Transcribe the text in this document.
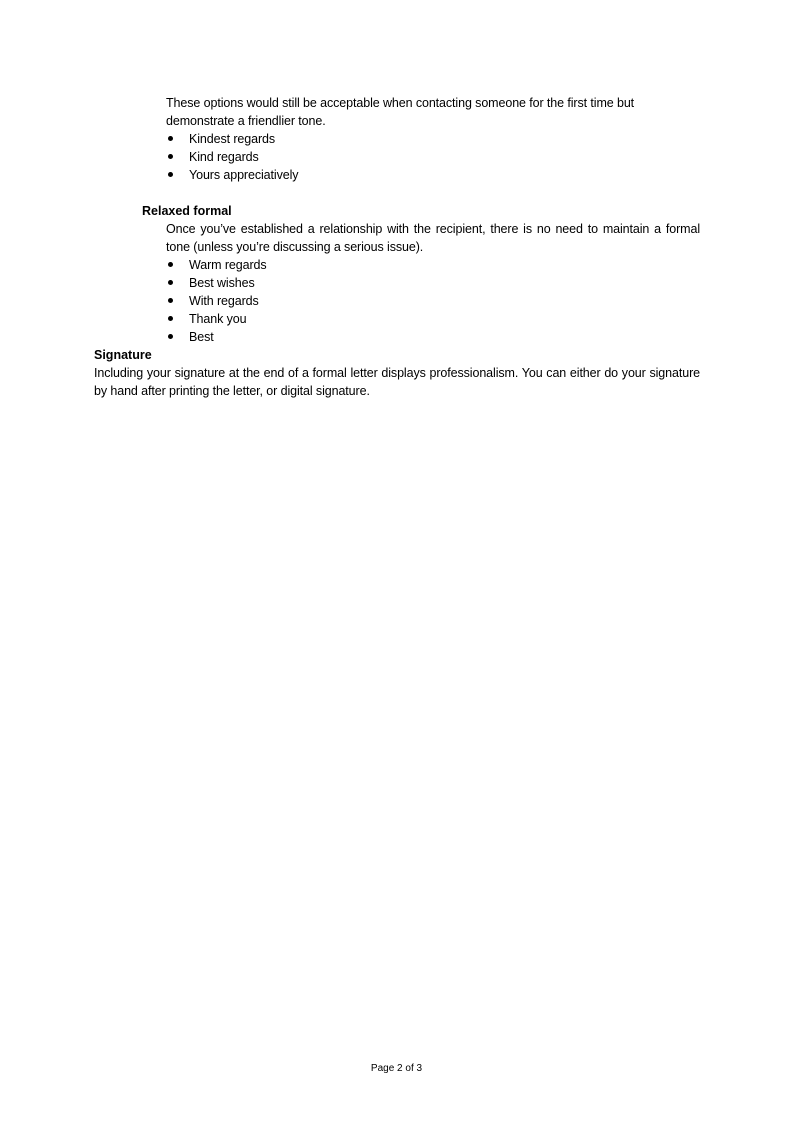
These options would still be acceptable when contacting someone for the first time but demonstrate a friendlier tone.

Kindest regards
Kind regards
Yours appreciatively
Relaxed formal

Once you’ve established a relationship with the recipient, there is no need to maintain a formal tone (unless you’re discussing a serious issue).

Warm regards
Best wishes
With regards
Thank you
Best
Signature

Including your signature at the end of a formal letter displays professionalism. You can either do your signature by hand after printing the letter, or digital signature.

Page 2 of 3
